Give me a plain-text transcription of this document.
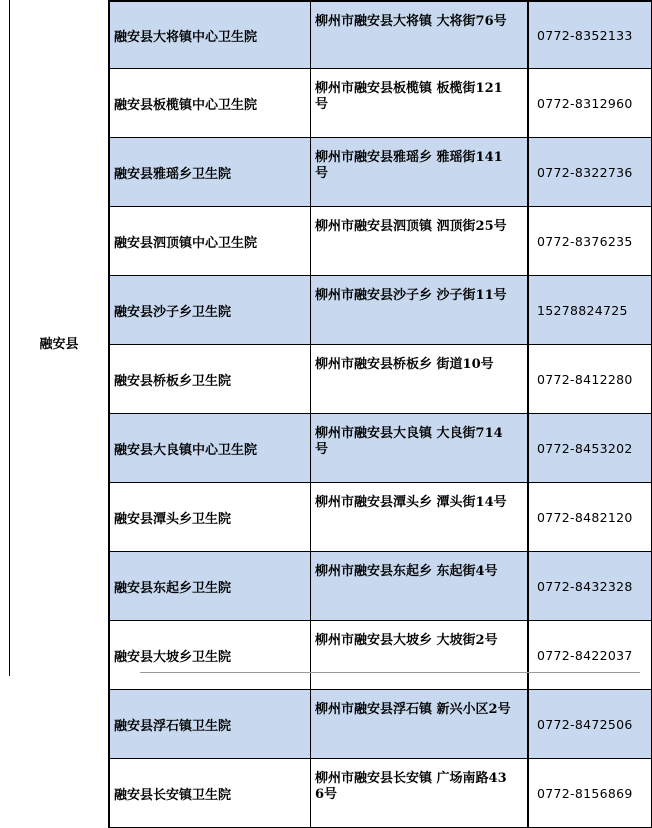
融安县
融安县大将镇中心卫生院	柳州市融安县大将镇 大将街76号	0772-8352133
融安县板榄镇中心卫生院	柳州市融安县板榄镇 板榄街121号	0772-8312960
融安县雅瑶乡卫生院	柳州市融安县雅瑶乡 雅瑶街141号	0772-8322736
融安县泗顶镇中心卫生院	柳州市融安县泗顶镇 泗顶街25号	0772-8376235
融安县沙子乡卫生院	柳州市融安县沙子乡 沙子街11号	15278824725
融安县桥板乡卫生院	柳州市融安县桥板乡 街道10号	0772-8412280
融安县大良镇中心卫生院	柳州市融安县大良镇 大良街714号	0772-8453202
融安县潭头乡卫生院	柳州市融安县潭头乡 潭头街14号	0772-8482120
融安县东起乡卫生院	柳州市融安县东起乡 东起街4号	0772-8432328
融安县大坡乡卫生院	柳州市融安县大坡乡 大坡街2号	0772-8422037
融安县浮石镇卫生院	柳州市融安县浮石镇 新兴小区2号	0772-8472506
融安县长安镇卫生院	柳州市融安县长安镇 广场南路436号	0772-8156869
